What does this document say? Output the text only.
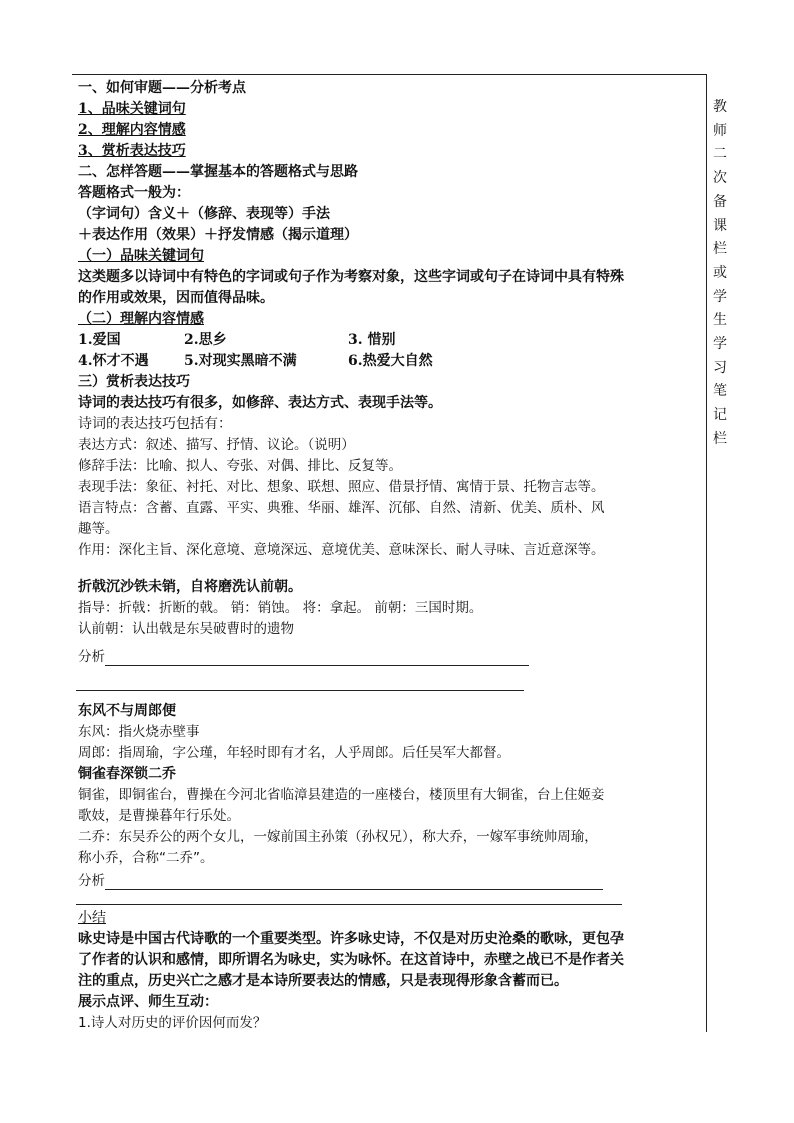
一、如何审题——分析考点
1、品味关键词句
2、理解内容情感
3、赏析表达技巧
二、怎样答题——掌握基本的答题格式与思路
答题格式一般为：
（字词句）含义＋（修辞、表现等）手法
＋表达作用（效果）＋抒发情感（揭示道理）
（一）品味关键词句
这类题多以诗词中有特色的字词或句子作为考察对象，这些字词或句子在诗词中具有特殊
的作用或效果，因而值得品味。
（二）理解内容情感
1.爱国	2.思乡	3. 惜别
4.怀才不遇	5.对现实黑暗不满	6.热爱大自然
三）赏析表达技巧
诗词的表达技巧有很多，如修辞、表达方式、表现手法等。
诗词的表达技巧包括有：
表达方式：叙述、描写、抒情、议论。（说明）
修辞手法：比喻、拟人、夸张、对偶、排比、反复等。
表现手法：象征、衬托、对比、想象、联想、照应、借景抒情、寓情于景、托物言志等。
语言特点：含蓄、直露、平实、典雅、华丽、雄浑、沉郁、自然、清新、优美、质朴、风
趣等。
作用：深化主旨、深化意境、意境深远、意境优美、意味深长、耐人寻味、言近意深等。
折戟沉沙铁未销，自将磨洗认前朝。
指导：折戟：折断的戟。 销：销蚀。 将：拿起。 前朝：三国时期。
认前朝：认出戟是东吴破曹时的遗物
分析
东风不与周郎便
东风：指火烧赤壁事
周郎：指周瑜，字公瑾，年轻时即有才名，人乎周郎。后任吴军大都督。
铜雀春深锁二乔
铜雀，即铜雀台，曹操在今河北省临漳县建造的一座楼台，楼顶里有大铜雀，台上住姬妾
歌妓，是曹操暮年行乐处。
二乔：东吴乔公的两个女儿，一嫁前国主孙策（孙权兄），称大乔，一嫁军事统帅周瑜，
称小乔，合称“二乔”。
分析
小结
咏史诗是中国古代诗歌的一个重要类型。许多咏史诗，不仅是对历史沧桑的歌咏，更包孕
了作者的认识和感情，即所谓名为咏史，实为咏怀。在这首诗中，赤壁之战已不是作者关
注的重点，历史兴亡之感才是本诗所要表达的情感，只是表现得形象含蓄而已。
展示点评、师生互动：
1.诗人对历史的评价因何而发？
教
师
二
次
备
课
栏
或
学
生
学
习
笔
记
栏
